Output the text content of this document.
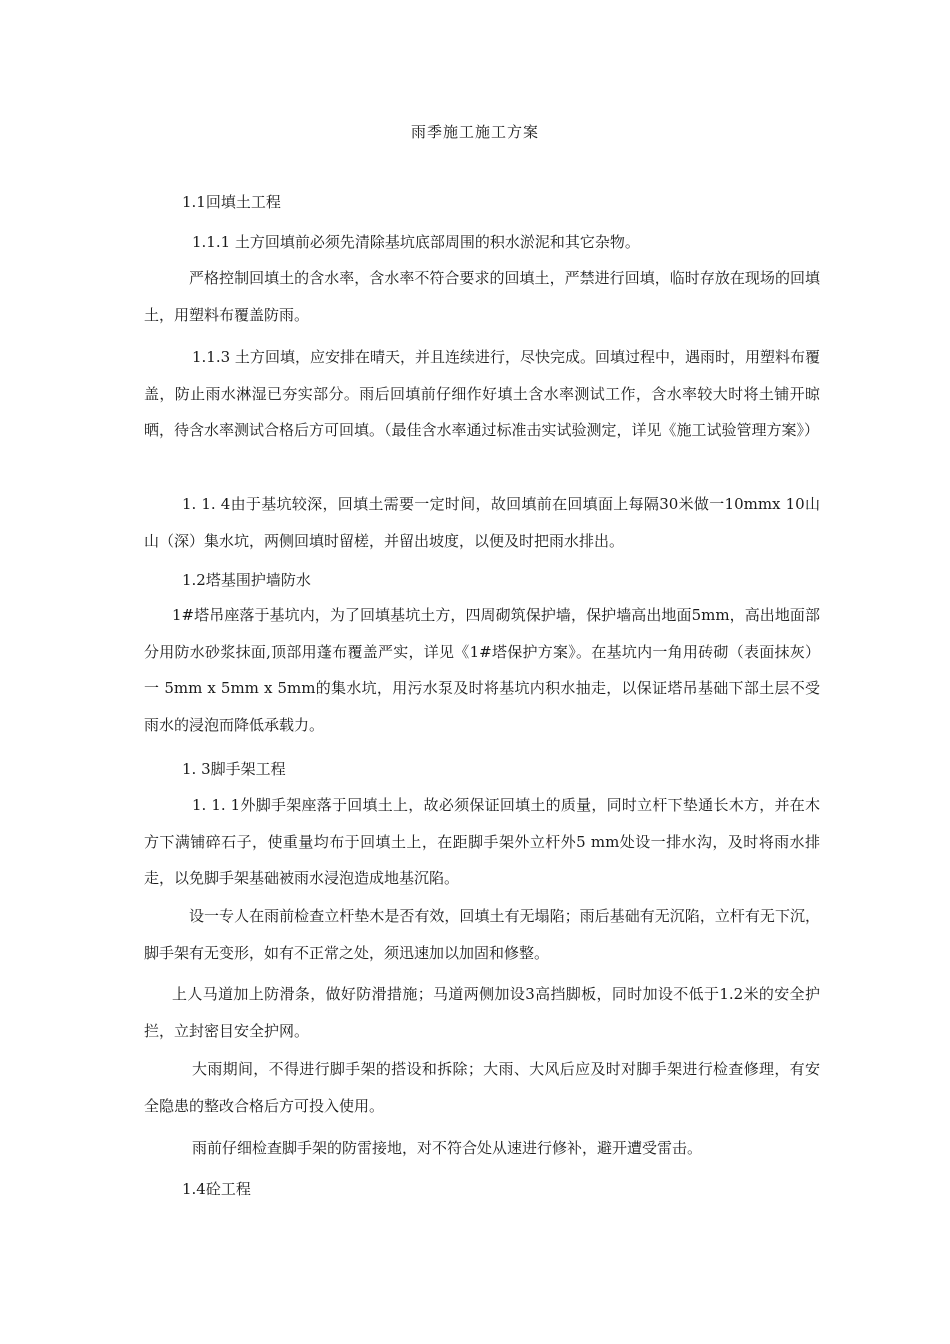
雨季施工施工方案
1.1回填土工程
1.1.1 土方回填前必须先清除基坑底部周围的积水淤泥和其它杂物。
严格控制回填土的含水率，含水率不符合要求的回填土，严禁进行回填，临时存放在现场的回填土，用塑料布覆盖防雨。
1.1.3 土方回填，应安排在晴天，并且连续进行，尽快完成。回填过程中，遇雨时，用塑料布覆盖，防止雨水淋湿已夯实部分。雨后回填前仔细作好填土含水率测试工作，含水率较大时将土铺开晾晒，待含水率测试合格后方可回填。（最佳含水率通过标准击实试验测定，详见《施工试验管理方案》）
1. 1. 4由于基坑较深，回填土需要一定时间，故回填前在回填面上每隔30米做一10mmx 10山山（深）集水坑，两侧回填时留槎，并留出坡度，以便及时把雨水排出。
1.2塔基围护墙防水
1#塔吊座落于基坑内，为了回填基坑土方，四周砌筑保护墙，保护墙高出地面5mm，高出地面部分用防水砂浆抹面,顶部用蓬布覆盖严实，详见《1#塔保护方案》。在基坑内一角用砖砌（表面抹灰）一 5mm x 5mm x 5mm的集水坑，用污水泵及时将基坑内积水抽走，以保证塔吊基础下部土层不受雨水的浸泡而降低承载力。
1. 3脚手架工程
1. 1. 1外脚手架座落于回填土上，故必须保证回填土的质量，同时立杆下垫通长木方，并在木方下满铺碎石子，使重量均布于回填土上，在距脚手架外立杆外5 mm处设一排水沟，及时将雨水排走，以免脚手架基础被雨水浸泡造成地基沉陷。
设一专人在雨前检查立杆垫木是否有效，回填土有无塌陷；雨后基础有无沉陷，立杆有无下沉，脚手架有无变形，如有不正常之处，须迅速加以加固和修整。
上人马道加上防滑条，做好防滑措施；马道两侧加设3高挡脚板，同时加设不低于1.2米的安全护拦，立封密目安全护网。
大雨期间，不得进行脚手架的搭设和拆除；大雨、大风后应及时对脚手架进行检查修理，有安全隐患的整改合格后方可投入使用。
雨前仔细检查脚手架的防雷接地，对不符合处从速进行修补，避开遭受雷击。
1.4砼工程
